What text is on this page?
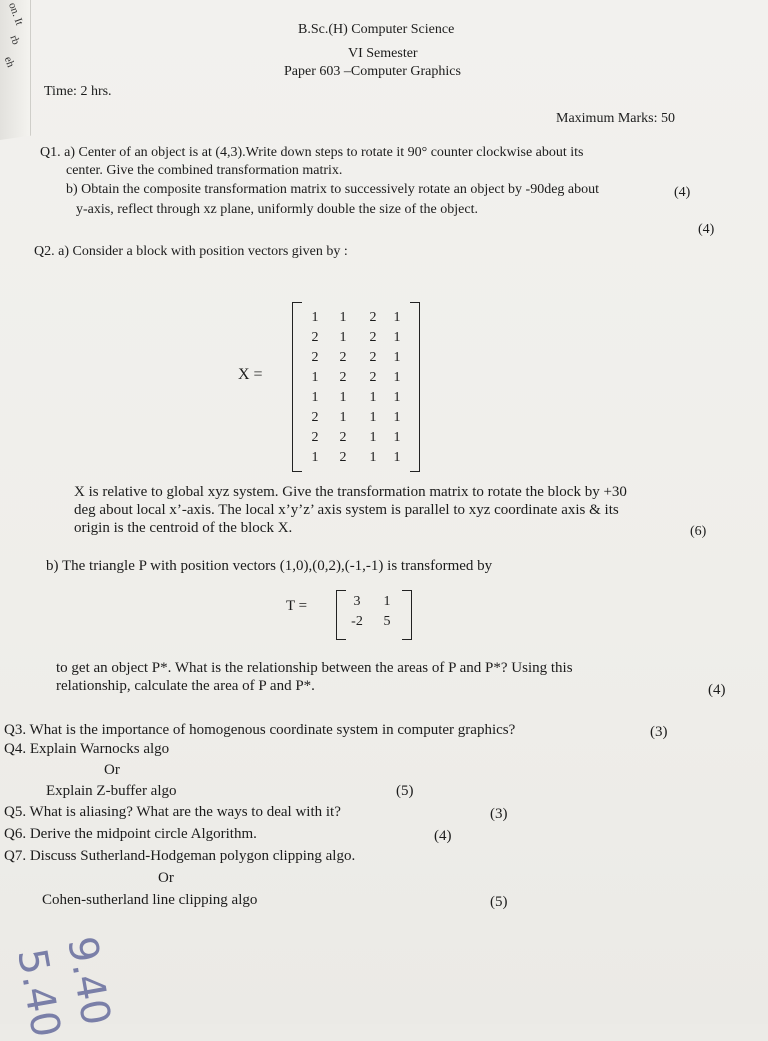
on. It
rb
eh
B.Sc.(H) Computer Science
VI Semester
Paper 603 –Computer Graphics
Time: 2 hrs.
Maximum Marks: 50
Q1. a) Center of an object is at (4,3).Write down steps to rotate it 90° counter clockwise about its
center. Give the combined transformation matrix.
(4)
b) Obtain the composite transformation matrix to successively rotate an object by -90deg about
y-axis, reflect through xz plane, uniformly double the size of the object.
(4)
Q2. a) Consider a block with position vectors given by :
X =
1 1 2 1
2 1 2 1
2 2 2 1
1 2 2 1
1 1 1 1
2 1 1 1
2 2 1 1
1 2 1 1
X is relative to global xyz system. Give the transformation matrix to rotate the block by +30
deg about local x’-axis. The local x’y’z’ axis system is parallel to xyz coordinate axis & its
origin is the centroid of the block X.	(6)
b) The triangle P with position vectors (1,0),(0,2),(-1,-1) is transformed by
T =	3 1
-2 5
to get an object P*. What is the relationship between the areas of P and P*? Using this
relationship, calculate the area of P and P*.	(4)
Q3. What is the importance of homogenous coordinate system in computer graphics?	(3)
Q4. Explain Warnocks algo
Or
Explain Z-buffer algo	(5)
Q5. What is aliasing? What are the ways to deal with it?	(3)
Q6. Derive the midpoint circle Algorithm.	(4)
Q7. Discuss Sutherland-Hodgeman polygon clipping algo.
Or
Cohen-sutherland line clipping algo	(5)
9.40
5.40
